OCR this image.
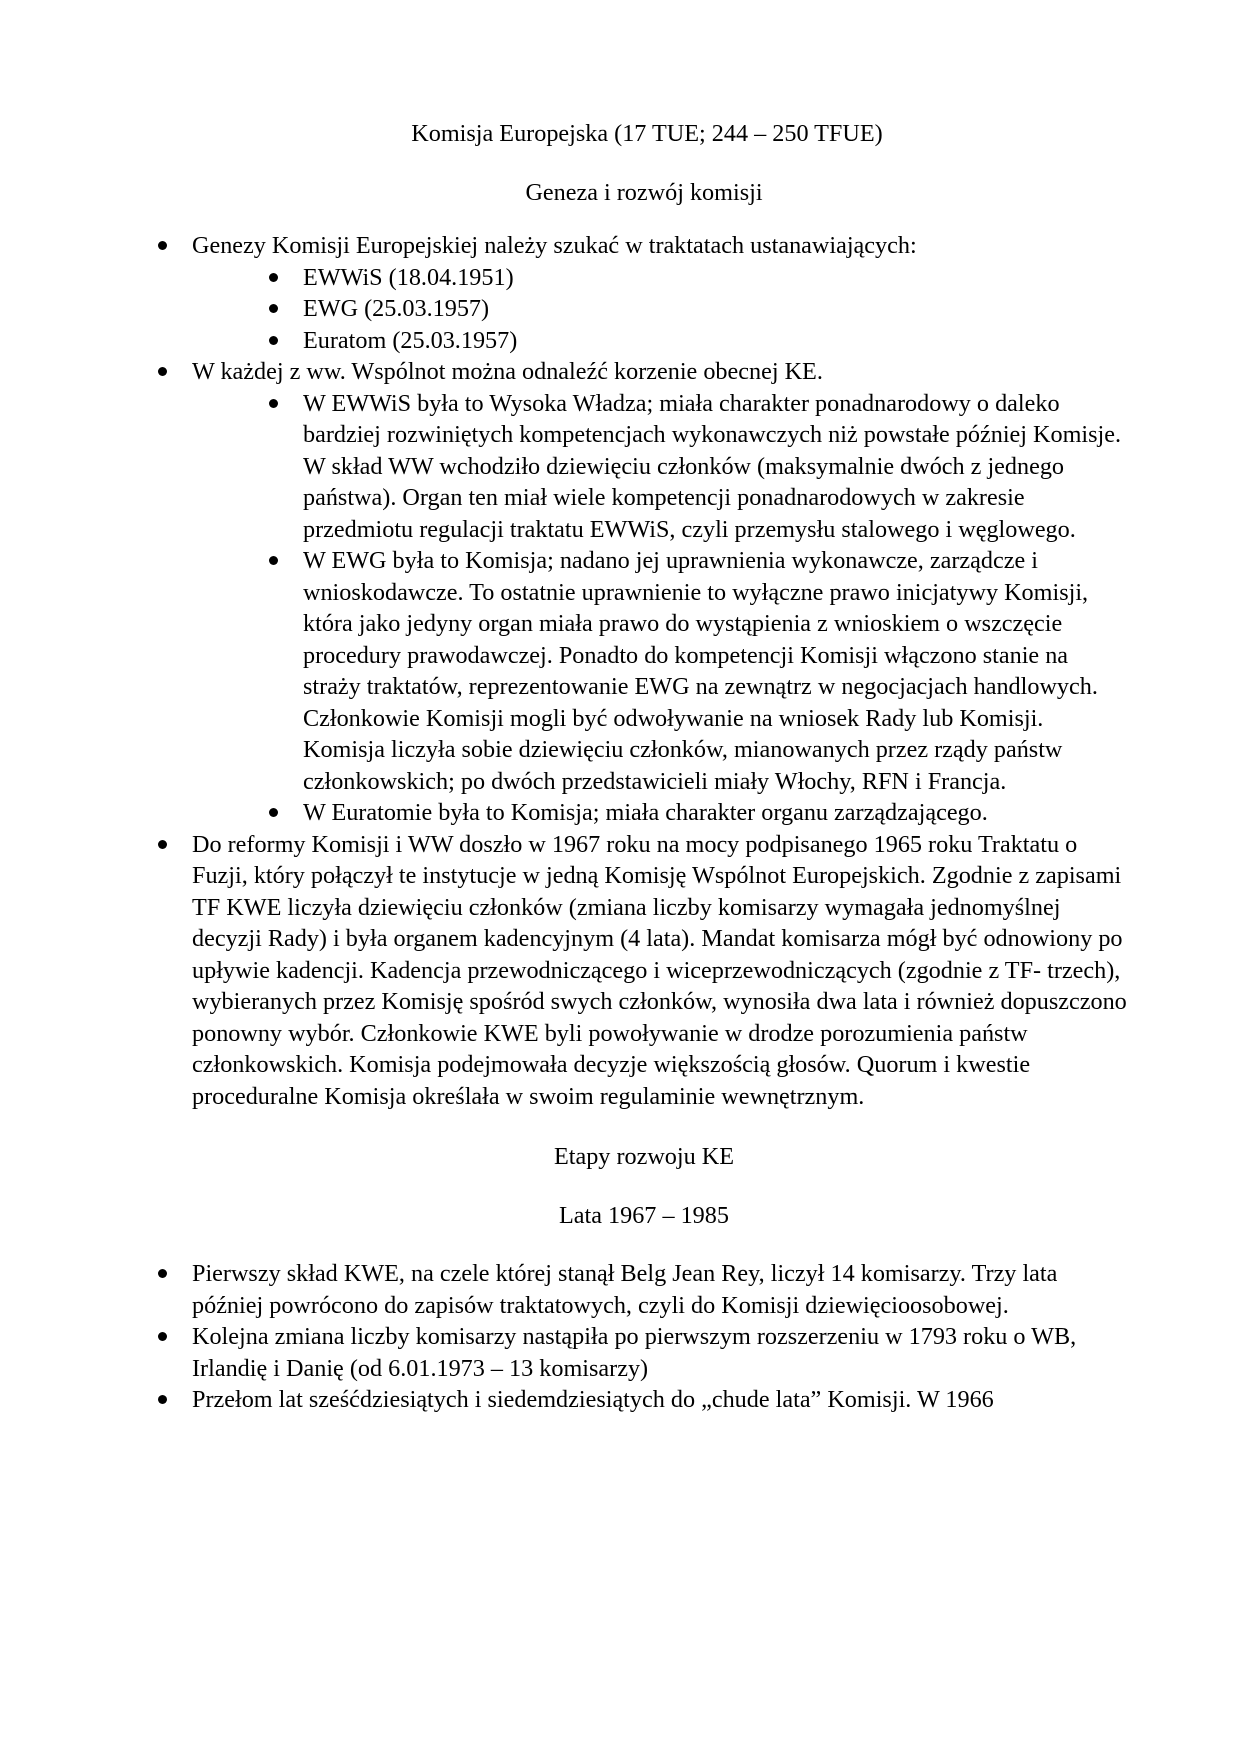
Komisja Europejska (17 TUE; 244 – 250 TFUE)
Geneza i rozwój komisji
Genezy Komisji Europejskiej należy szukać w traktatach ustanawiających:
EWWiS (18.04.1951)
EWG (25.03.1957)
Euratom (25.03.1957)
W każdej z ww. Wspólnot można odnaleźć korzenie obecnej KE.
W EWWiS była to Wysoka Władza; miała charakter ponadnarodowy o daleko bardziej rozwiniętych kompetencjach wykonawczych niż powstałe później Komisje. W skład WW wchodziło dziewięciu członków (maksymalnie dwóch z jednego państwa). Organ ten miał wiele kompetencji ponadnarodowych w zakresie przedmiotu regulacji traktatu EWWiS, czyli przemysłu stalowego i węglowego.
W EWG była to Komisja; nadano jej uprawnienia wykonawcze, zarządcze i wnioskodawcze. To ostatnie uprawnienie to wyłączne prawo inicjatywy Komisji, która jako jedyny organ miała prawo do wystąpienia z wnioskiem o wszczęcie procedury prawodawczej. Ponadto do kompetencji Komisji włączono stanie na straży traktatów, reprezentowanie EWG na zewnątrz w negocjacjach handlowych. Członkowie Komisji mogli być odwoływanie na wniosek Rady lub Komisji. Komisja liczyła sobie dziewięciu członków, mianowanych przez rządy państw członkowskich; po dwóch przedstawicieli miały Włochy, RFN i Francja.
W Euratomie była to Komisja; miała charakter organu zarządzającego.
Do reformy Komisji i WW doszło w 1967 roku na mocy podpisanego 1965 roku Traktatu o Fuzji, który połączył te instytucje w jedną Komisję Wspólnot Europejskich. Zgodnie z zapisami TF KWE liczyła dziewięciu członków (zmiana liczby komisarzy wymagała jednomyślnej decyzji Rady) i była organem kadencyjnym (4 lata). Mandat komisarza mógł być odnowiony po upływie kadencji. Kadencja przewodniczącego i wiceprzewodniczących (zgodnie z TF- trzech), wybieranych przez Komisję spośród swych członków, wynosiła dwa lata i również dopuszczono ponowny wybór. Członkowie KWE byli powoływanie w drodze porozumienia państw członkowskich. Komisja podejmowała decyzje większością głosów. Quorum i kwestie proceduralne Komisja określała w swoim regulaminie wewnętrznym.
Etapy rozwoju KE
Lata 1967 – 1985
Pierwszy skład KWE, na czele której stanął Belg Jean Rey, liczył 14 komisarzy. Trzy lata później powrócono do zapisów traktatowych, czyli do Komisji dziewięcioosobowej.
Kolejna zmiana liczby komisarzy nastąpiła po pierwszym rozszerzeniu w 1793 roku o WB, Irlandię i Danię (od 6.01.1973 – 13 komisarzy)
Przełom lat sześćdziesiątych i siedemdziesiątych do „chude lata” Komisji. W 1966
